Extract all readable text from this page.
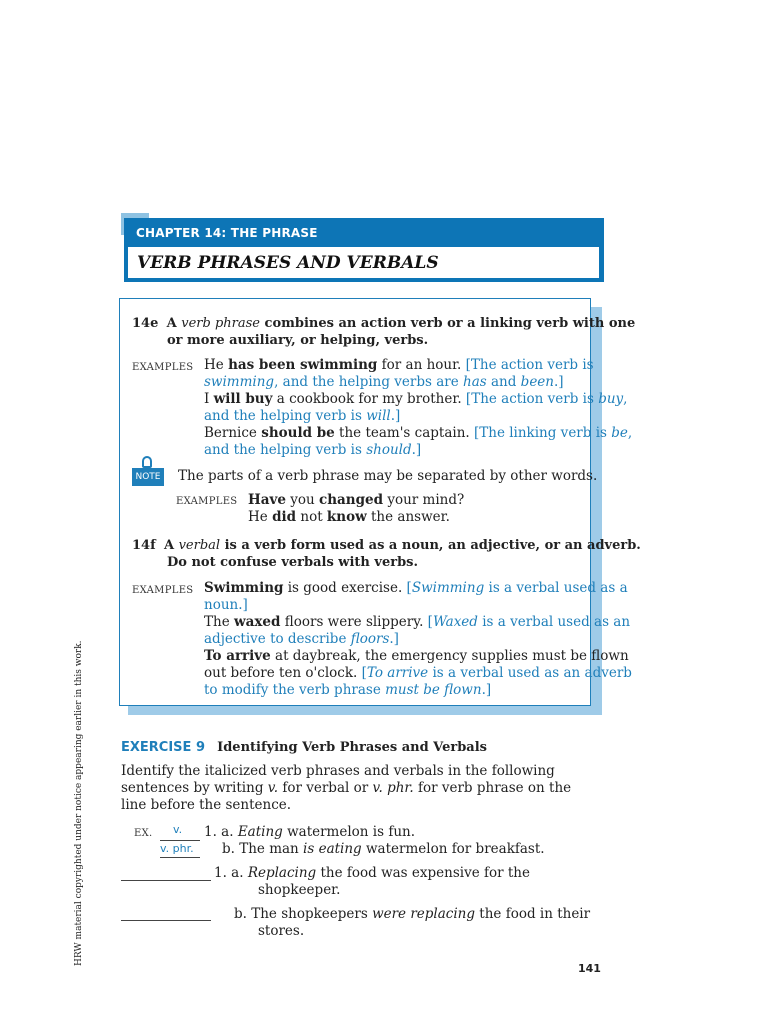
CHAPTER 14: THE PHRASE
VERB PHRASES AND VERBALS
14e A verb phrase combines an action verb or a linking verb with one
or more auxiliary, or helping, verbs.
EXAMPLES He has been swimming for an hour. [The action verb is
swimming, and the helping verbs are has and been.]
I will buy a cookbook for my brother. [The action verb is buy,
and the helping verb is will.]
Bernice should be the team's captain. [The linking verb is be,
and the helping verb is should.]
NOTE The parts of a verb phrase may be separated by other words.
EXAMPLES Have you changed your mind?
He did not know the answer.
14f A verbal is a verb form used as a noun, an adjective, or an adverb.
Do not confuse verbals with verbs.
EXAMPLES Swimming is good exercise. [Swimming is a verbal used as a
noun.]
The waxed floors were slippery. [Waxed is a verbal used as an
adjective to describe floors.]
To arrive at daybreak, the emergency supplies must be flown
out before ten o'clock. [To arrive is a verbal used as an adverb
to modify the verb phrase must be flown.]
EXERCISE 9 Identifying Verb Phrases and Verbals
Identify the italicized verb phrases and verbals in the following sentences by writing v. for verbal or v. phr. for verb phrase on the line before the sentence.
EX. v. 1. a. Eating watermelon is fun.
v. phr. b. The man is eating watermelon for breakfast.
1. a. Replacing the food was expensive for the
shopkeeper.
b. The shopkeepers were replacing the food in their
stores.
HRW material copyrighted under notice appearing earlier in this work.
141
